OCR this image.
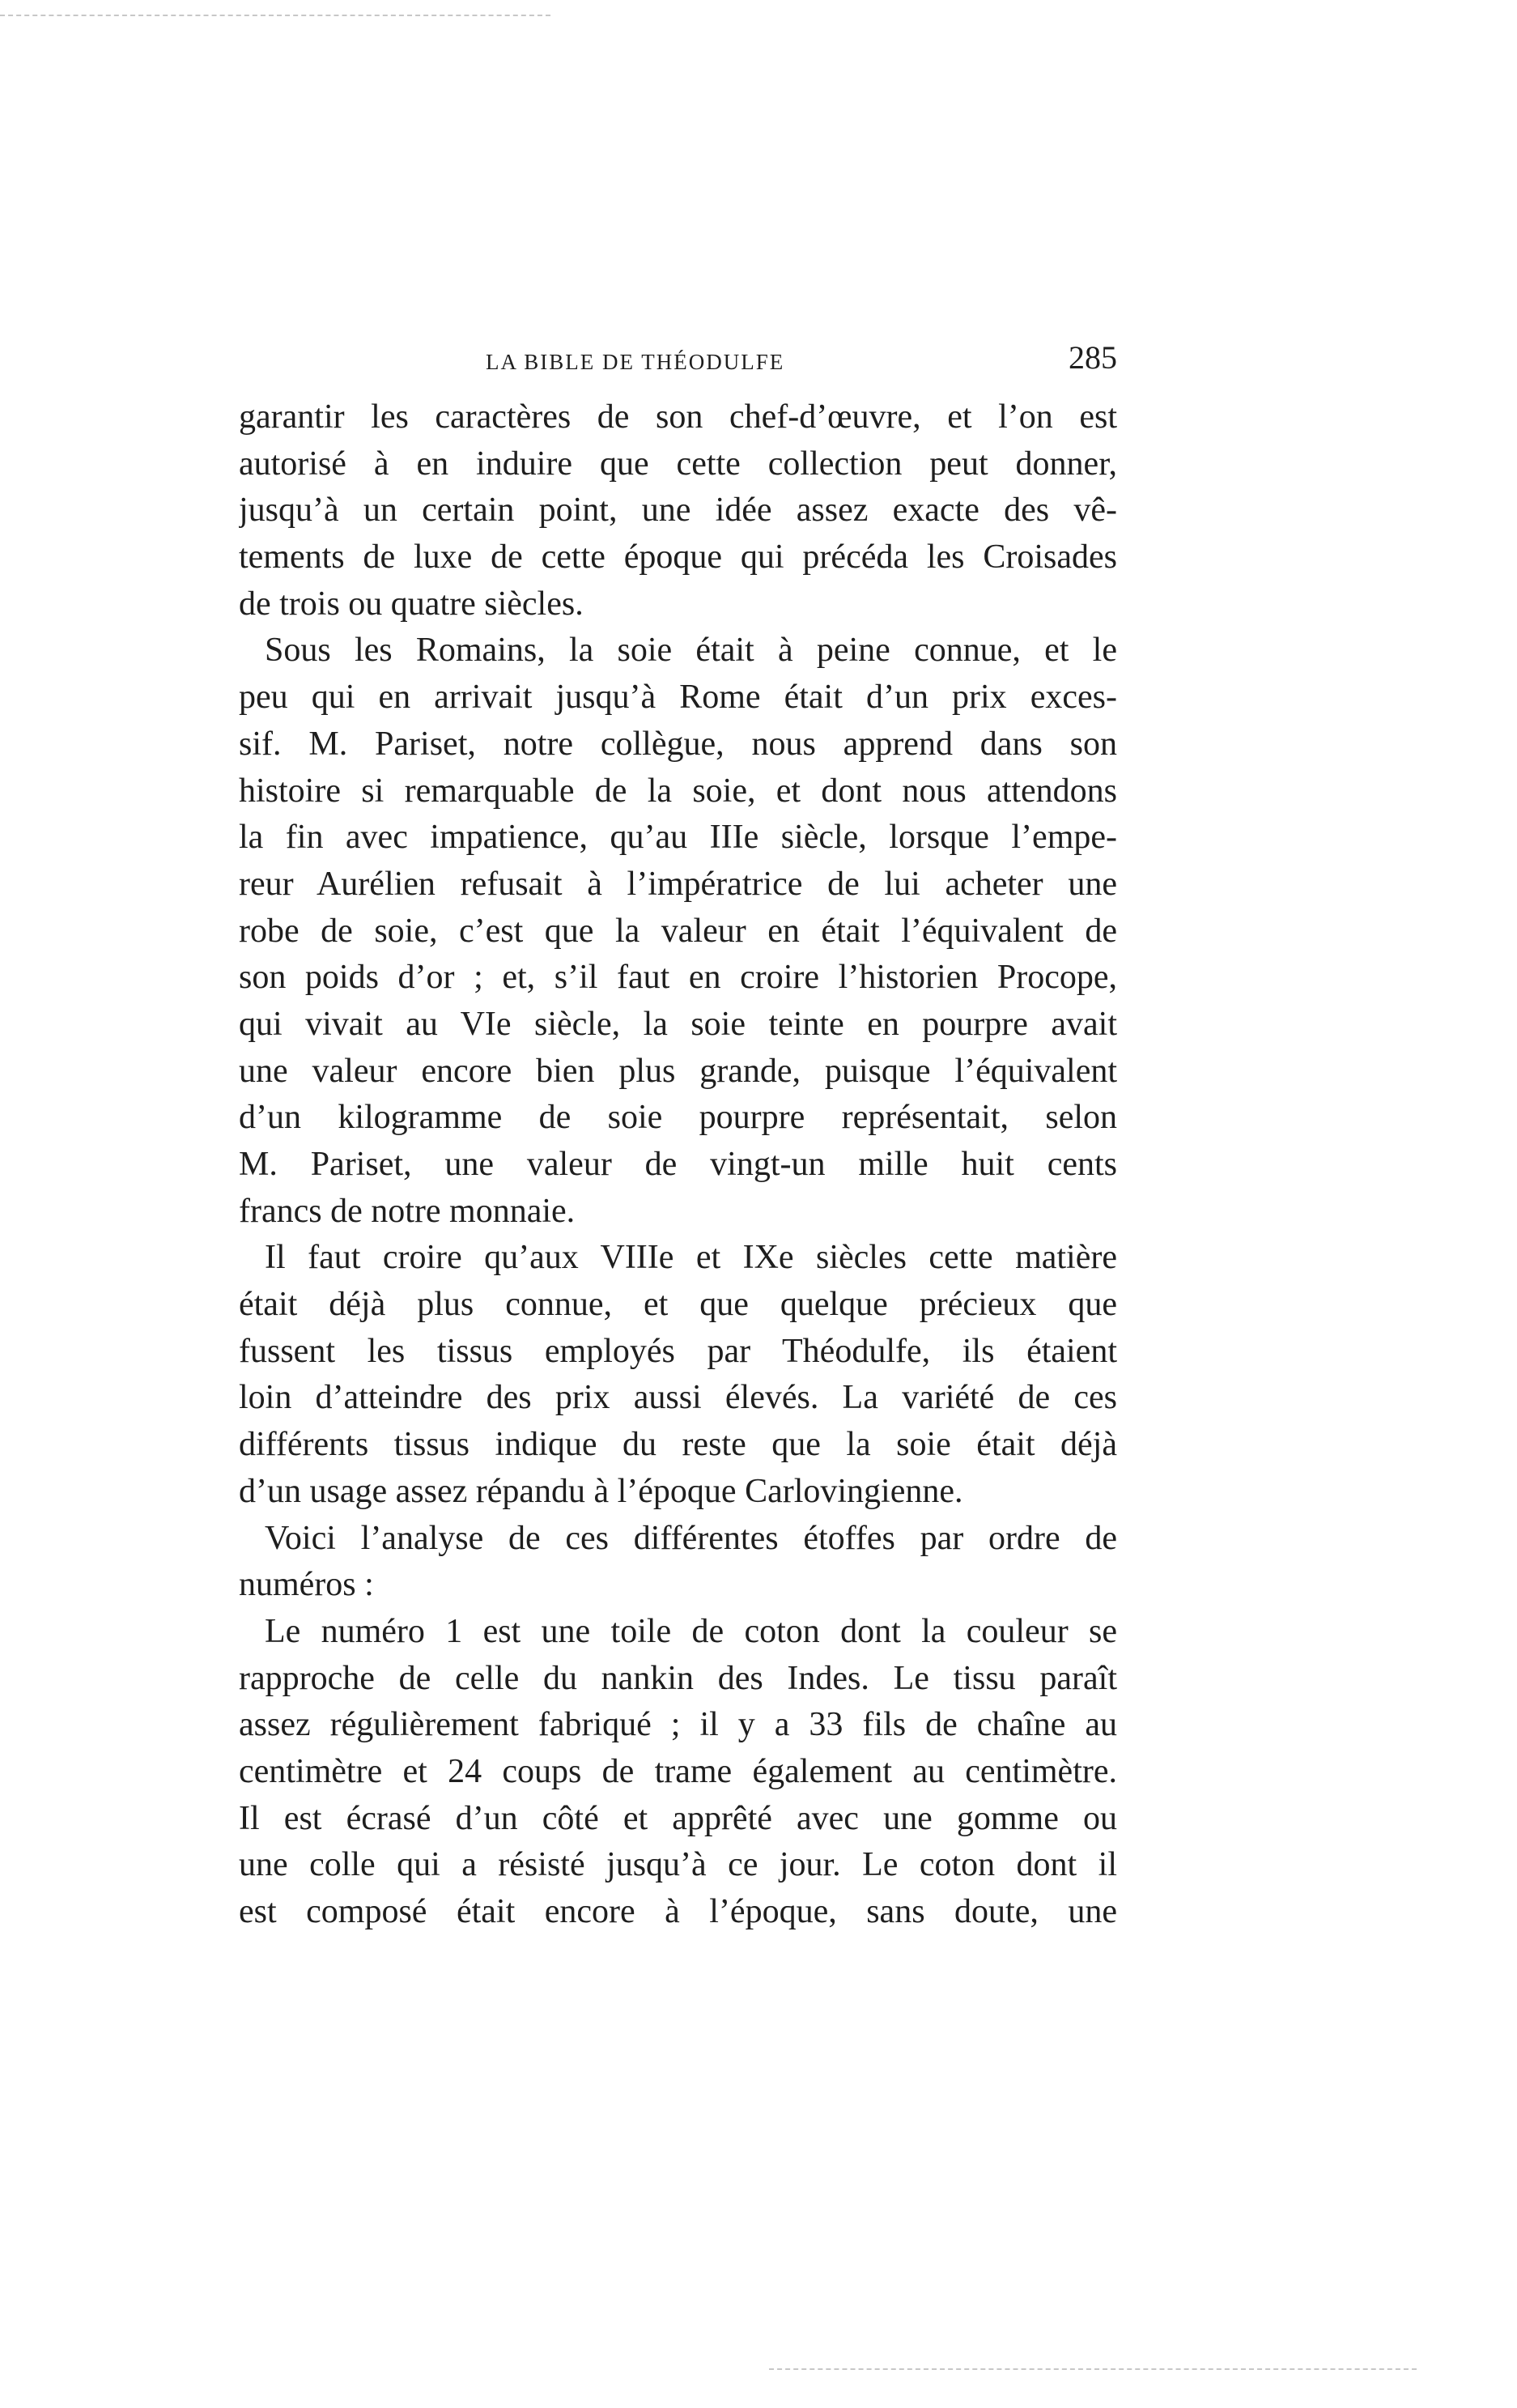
LA BIBLE DE THÉODULFE	285
garantir les caractères de son chef-d’œuvre, et l’on est
autorisé à en induire que cette collection peut donner,
jusqu’à un certain point, une idée assez exacte des vê-
tements de luxe de cette époque qui précéda les Croisades
de trois ou quatre siècles.
Sous les Romains, la soie était à peine connue, et le
peu qui en arrivait jusqu’à Rome était d’un prix exces-
sif. M. Pariset, notre collègue, nous apprend dans son
histoire si remarquable de la soie, et dont nous attendons
la fin avec impatience, qu’au IIIe siècle, lorsque l’empe-
reur Aurélien refusait à l’impératrice de lui acheter une
robe de soie, c’est que la valeur en était l’équivalent de
son poids d’or ; et, s’il faut en croire l’historien Procope,
qui vivait au VIe siècle, la soie teinte en pourpre avait
une valeur encore bien plus grande, puisque l’équivalent
d’un kilogramme de soie pourpre représentait, selon
M. Pariset, une valeur de vingt-un mille huit cents
francs de notre monnaie.
Il faut croire qu’aux VIIIe et IXe siècles cette matière
était déjà plus connue, et que quelque précieux que
fussent les tissus employés par Théodulfe, ils étaient
loin d’atteindre des prix aussi élevés. La variété de ces
différents tissus indique du reste que la soie était déjà
d’un usage assez répandu à l’époque Carlovingienne.
Voici l’analyse de ces différentes étoffes par ordre de
numéros :
Le numéro 1 est une toile de coton dont la couleur se
rapproche de celle du nankin des Indes. Le tissu paraît
assez régulièrement fabriqué ; il y a 33 fils de chaîne au
centimètre et 24 coups de trame également au centimètre.
Il est écrasé d’un côté et apprêté avec une gomme ou
une colle qui a résisté jusqu’à ce jour. Le coton dont il
est composé était encore à l’époque, sans doute, une
